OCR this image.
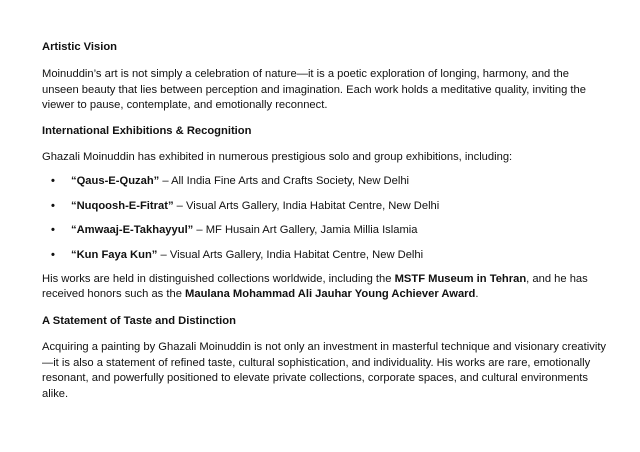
Artistic Vision

Moinuddin’s art is not simply a celebration of nature—it is a poetic exploration of longing, harmony, and the unseen beauty that lies between perception and imagination. Each work holds a meditative quality, inviting the viewer to pause, contemplate, and emotionally reconnect.

International Exhibitions & Recognition

Ghazali Moinuddin has exhibited in numerous prestigious solo and group exhibitions, including:

• “Qaus-E-Quzah” – All India Fine Arts and Crafts Society, New Delhi
• “Nuqoosh-E-Fitrat” – Visual Arts Gallery, India Habitat Centre, New Delhi
• “Amwaaj-E-Takhayyul” – MF Husain Art Gallery, Jamia Millia Islamia
• “Kun Faya Kun” – Visual Arts Gallery, India Habitat Centre, New Delhi

His works are held in distinguished collections worldwide, including the MSTF Museum in Tehran, and he has received honors such as the Maulana Mohammad Ali Jauhar Young Achiever Award.

A Statement of Taste and Distinction

Acquiring a painting by Ghazali Moinuddin is not only an investment in masterful technique and visionary creativity—it is also a statement of refined taste, cultural sophistication, and individuality. His works are rare, emotionally resonant, and powerfully positioned to elevate private collections, corporate spaces, and cultural environments alike.
